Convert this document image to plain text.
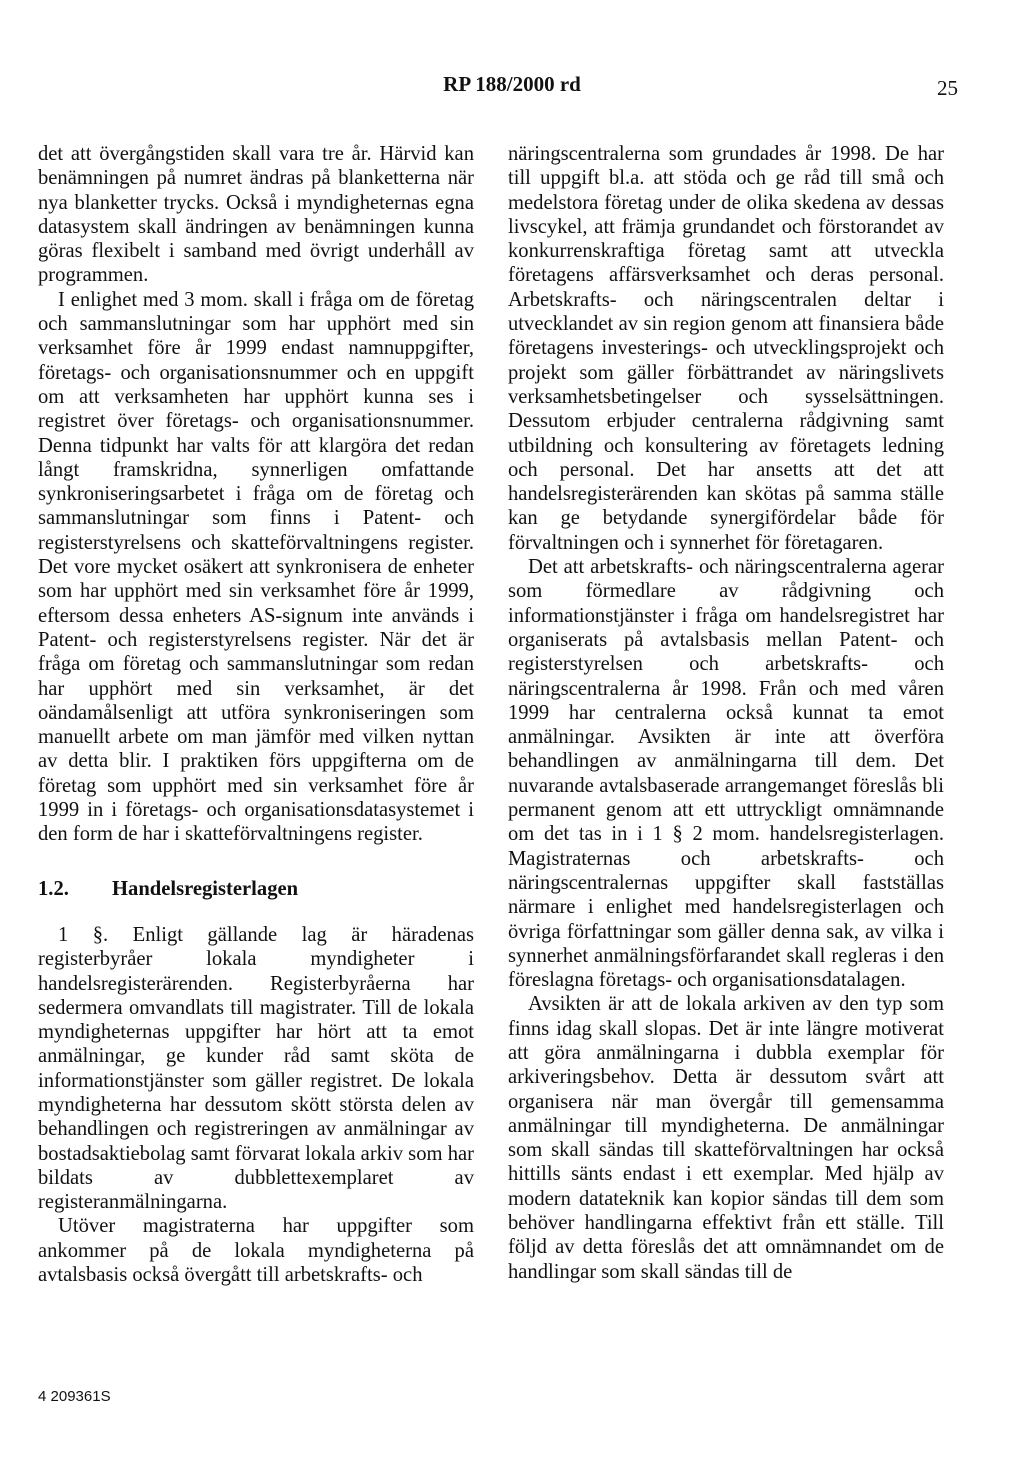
RP 188/2000 rd	25

det att övergångstiden skall vara tre år. Härvid kan benämningen på numret ändras på blanketterna när nya blanketter trycks. Också i myndigheternas egna datasystem skall ändringen av benämningen kunna göras flexibelt i samband med övrigt underhåll av programmen.

I enlighet med 3 mom. skall i fråga om de företag och sammanslutningar som har upphört med sin verksamhet före år 1999 endast namnuppgifter, företags- och organisationsnummer och en uppgift om att verksamheten har upphört kunna ses i registret över företags- och organisationsnummer. Denna tidpunkt har valts för att klargöra det redan långt framskridna, synnerligen omfattande synkroniseringsarbetet i fråga om de företag och sammanslutningar som finns i Patent- och registerstyrelsens och skatteförvaltningens register. Det vore mycket osäkert att synkronisera de enheter som har upphört med sin verksamhet före år 1999, eftersom dessa enheters AS-signum inte används i Patent- och registerstyrelsens register. När det är fråga om företag och sammanslutningar som redan har upphört med sin verksamhet, är det oändamålsenligt att utföra synkroniseringen som manuellt arbete om man jämför med vilken nyttan av detta blir. I praktiken förs uppgifterna om de företag som upphört med sin verksamhet före år 1999 in i företags- och organisationsdatasystemet i den form de har i skatteförvaltningens register.

1.2. Handelsregisterlagen

1 §. Enligt gällande lag är häradenas registerbyråer lokala myndigheter i handelsregisterärenden. Registerbyråerna har sedermera omvandlats till magistrater. Till de lokala myndigheternas uppgifter har hört att ta emot anmälningar, ge kunder råd samt sköta de informationstjänster som gäller registret. De lokala myndigheterna har dessutom skött största delen av behandlingen och registreringen av anmälningar av bostadsaktiebolag samt förvarat lokala arkiv som har bildats av dubblettexemplaret av registeranmälningarna.

Utöver magistraterna har uppgifter som ankommer på de lokala myndigheterna på avtalsbasis också övergått till arbetskrafts- och

näringscentralerna som grundades år 1998. De har till uppgift bl.a. att stöda och ge råd till små och medelstora företag under de olika skedena av dessas livscykel, att främja grundandet och förstorandet av konkurrenskraftiga företag samt att utveckla företagens affärsverksamhet och deras personal. Arbetskrafts- och näringscentralen deltar i utvecklandet av sin region genom att finansiera både företagens investerings- och utvecklingsprojekt och projekt som gäller förbättrandet av näringslivets verksamhetsbetingelser och sysselsättningen. Dessutom erbjuder centralerna rådgivning samt utbildning och konsultering av företagets ledning och personal. Det har ansetts att det att handelsregisterärenden kan skötas på samma ställe kan ge betydande synergifördelar både för förvaltningen och i synnerhet för företagaren.

Det att arbetskrafts- och näringscentralerna agerar som förmedlare av rådgivning och informationstjänster i fråga om handelsregistret har organiserats på avtalsbasis mellan Patent- och registerstyrelsen och arbetskrafts- och näringscentralerna år 1998. Från och med våren 1999 har centralerna också kunnat ta emot anmälningar. Avsikten är inte att överföra behandlingen av anmälningarna till dem. Det nuvarande avtalsbaserade arrangemanget föreslås bli permanent genom att ett uttryckligt omnämnande om det tas in i 1 § 2 mom. handelsregisterlagen. Magistraternas och arbetskrafts- och näringscentralernas uppgifter skall fastställas närmare i enlighet med handelsregisterlagen och övriga författningar som gäller denna sak, av vilka i synnerhet anmälningsförfarandet skall regleras i den föreslagna företags- och organisationsdatalagen.

Avsikten är att de lokala arkiven av den typ som finns idag skall slopas. Det är inte längre motiverat att göra anmälningarna i dubbla exemplar för arkiveringsbehov. Detta är dessutom svårt att organisera när man övergår till gemensamma anmälningar till myndigheterna. De anmälningar som skall sändas till skatteförvaltningen har också hittills sänts endast i ett exemplar. Med hjälp av modern datateknik kan kopior sändas till dem som behöver handlingarna effektivt från ett ställe. Till följd av detta föreslås det att omnämnandet om de handlingar som skall sändas till de

4 209361S
